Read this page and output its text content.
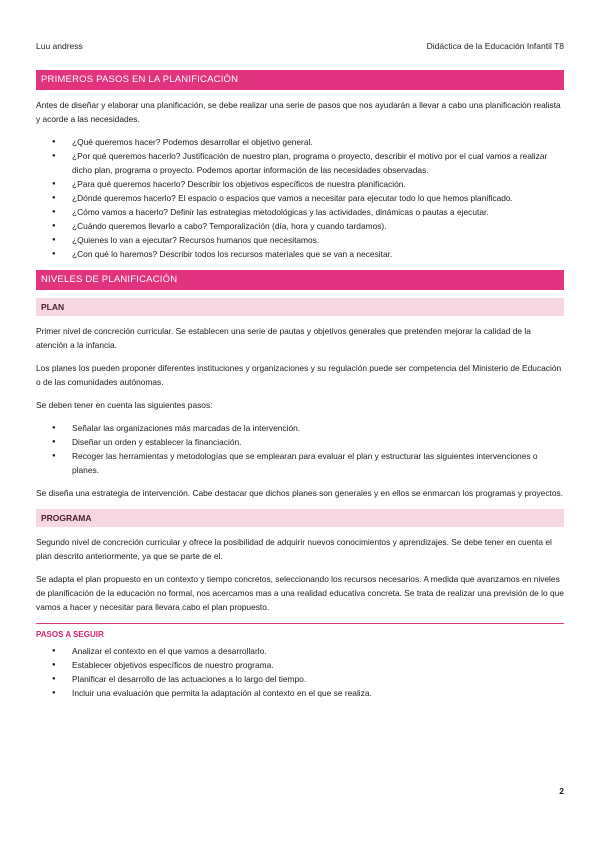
Luu andress	Didáctica de la Educación Infantil T8
PRIMEROS PASOS EN LA PLANIFICACIÓN

Antes de diseñar y elaborar una planificación, se debe realizar una serie de pasos que nos ayudarán a llevar a cabo una planificación realista y acorde a las necesidades.

● ¿Qué queremos hacer? Podemos desarrollar el objetivo general.
● ¿Por qué queremos hacerlo? Justificación de nuestro plan, programa o proyecto, describir el motivo por el cual vamos a realizar dicho plan, programa o proyecto. Podemos aportar información de las necesidades observadas.
● ¿Para qué queremos hacerlo? Describir los objetivos específicos de nuestra planificación.
● ¿Dónde queremos hacerlo? El espacio o espacios que vamos a necesitar para ejecutar todo lo que hemos planificado.
● ¿Cómo vamos a hacerlo? Definir las estrategias metodológicas y las actividades, dinámicas o pautas a ejecutar.
● ¿Cuándo queremos llevarlo a cabo? Temporalización (día, hora y cuando tardamos).
● ¿Quienes lo van a ejecutar? Recursos humanos que necesitamos.
● ¿Con qué lo haremos? Describir todos los recursos materiales que se van a necesitar.
NIVELES DE PLANIFICACIÓN
PLAN

Primer nivel de concreción curricular. Se establecen una serie de pautas y objetivos generales que pretenden mejorar la calidad de la atención a la infancia.

Los planes los pueden proponer diferentes instituciones y organizaciones y su regulación puede ser competencia del Ministerio de Educación o de las comunidades autónomas.

Se deben tener en cuenta las siguientes pasos:

● Señalar las organizaciones más marcadas de la intervención.
● Diseñar un orden y establecer la financiación.
● Recoger las herramientas y metodologías que se emplearan para evaluar el plan y estructurar las siguientes intervenciones o planes.

Se diseña una estrategia de intervención. Cabe destacar que dichos planes son generales y en ellos se enmarcan los programas y proyectos.

PROGRAMA

Segundo nivel de concreción curricular y ofrece la posibilidad de adquirir nuevos conocimientos y aprendizajes. Se debe tener en cuenta el plan descrito anteriormente, ya que se parte de el.

Se adapta el plan propuesto en un contexto y tiempo concretos, seleccionando los recursos necesarios. A medida que avanzamos en niveles de planificación de la educación no formal, nos acercamos mas a una realidad educativa concreta. Se trata de realizar una previsión de lo que vamos a hacer y necesitar para llevara cabo el plan propuesto.

PASOS A SEGUIR
● Analizar el contexto en el que vamos a desarrollarlo.
● Establecer objetivos específicos de nuestro programa.
● Planificar el desarrollo de las actuaciones a lo largo del tiempo.
● Incluir una evaluación que permita la adaptación al contexto en el que se realiza.
2
